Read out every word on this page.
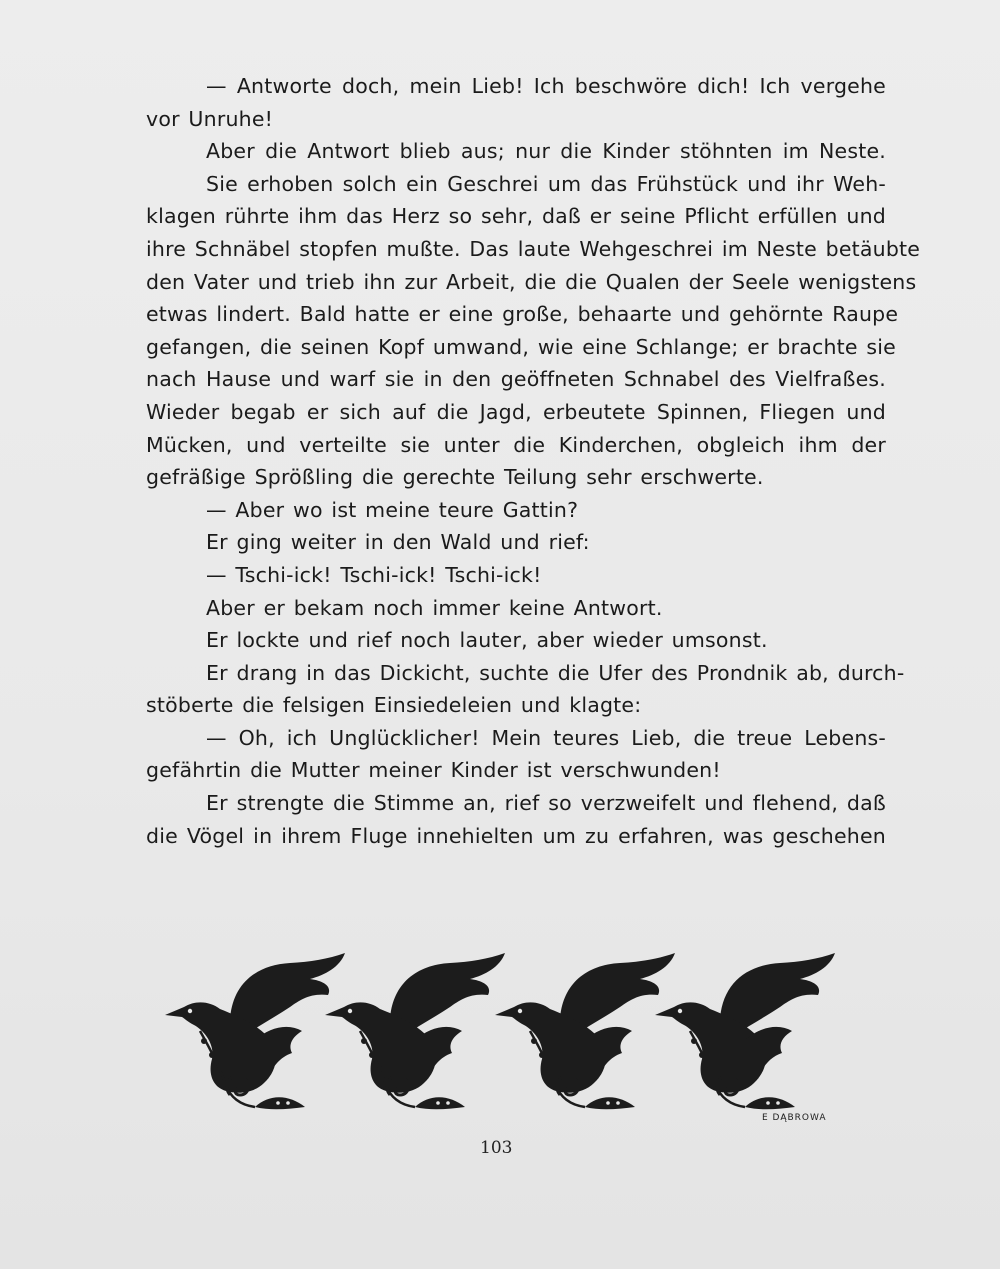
— Antworte doch, mein Lieb! Ich beschwöre dich! Ich vergehe
vor Unruhe!
Aber die Antwort blieb aus; nur die Kinder stöhnten im Neste.
Sie erhoben solch ein Geschrei um das Frühstück und ihr Weh-
klagen rührte ihm das Herz so sehr, daß er seine Pflicht erfüllen und
ihre Schnäbel stopfen mußte. Das laute Wehgeschrei im Neste betäubte
den Vater und trieb ihn zur Arbeit, die die Qualen der Seele wenigstens
etwas lindert. Bald hatte er eine große, behaarte und gehörnte Raupe
gefangen, die seinen Kopf umwand, wie eine Schlange; er brachte sie
nach Hause und warf sie in den geöffneten Schnabel des Vielfraßes.
Wieder begab er sich auf die Jagd, erbeutete Spinnen, Fliegen und
Mücken, und verteilte sie unter die Kinderchen, obgleich ihm der
gefräßige Sprößling die gerechte Teilung sehr erschwerte.
— Aber wo ist meine teure Gattin?
Er ging weiter in den Wald und rief:
— Tschi-ick! Tschi-ick! Tschi-ick!
Aber er bekam noch immer keine Antwort.
Er lockte und rief noch lauter, aber wieder umsonst.
Er drang in das Dickicht, suchte die Ufer des Prondnik ab, durch-
stöberte die felsigen Einsiedeleien und klagte:
— Oh, ich Unglücklicher! Mein teures Lieb, die treue Lebens-
gefährtin die Mutter meiner Kinder ist verschwunden!
Er strengte die Stimme an, rief so verzweifelt und flehend, daß
die Vögel in ihrem Fluge innehielten um zu erfahren, was geschehen
E DĄBROWA
103
